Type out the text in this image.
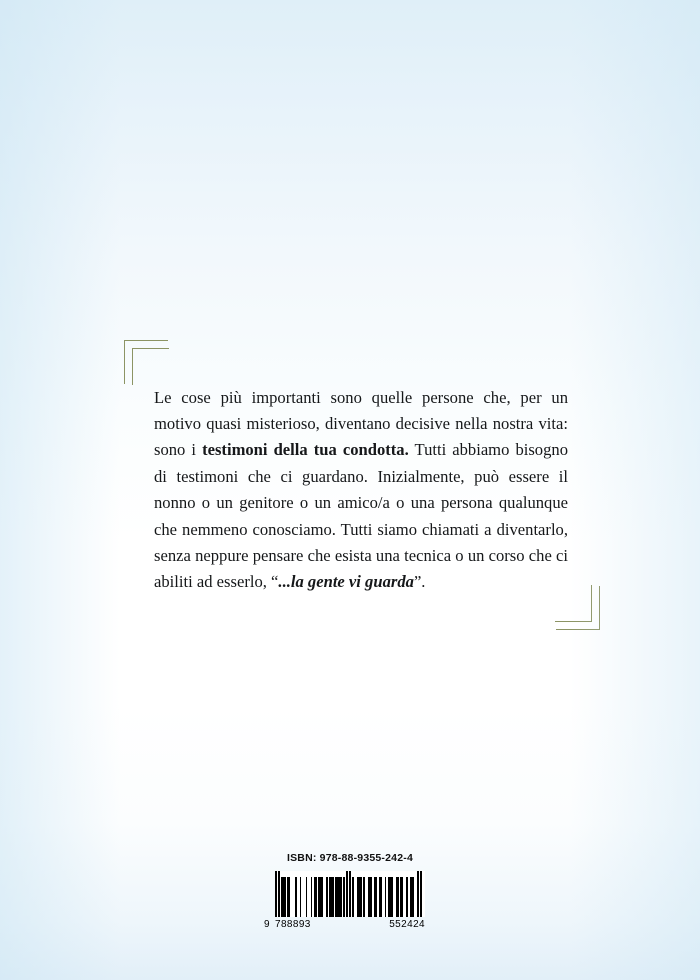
Le cose più importanti sono quelle persone che, per un motivo quasi misterioso, diventano decisive nella nostra vita: sono i testimoni della tua condotta. Tutti abbiamo bisogno di testimoni che ci guardano. Inizialmente, può essere il nonno o un genitore o un amico/a o una persona qualunque che nemmeno conosciamo. Tutti siamo chiamati a diventarlo, senza neppure pensare che esista una tecnica o un corso che ci abiliti ad esserlo, “...la gente vi guarda”.

ISBN: 978-88-9355-242-4
9 788893	552424
